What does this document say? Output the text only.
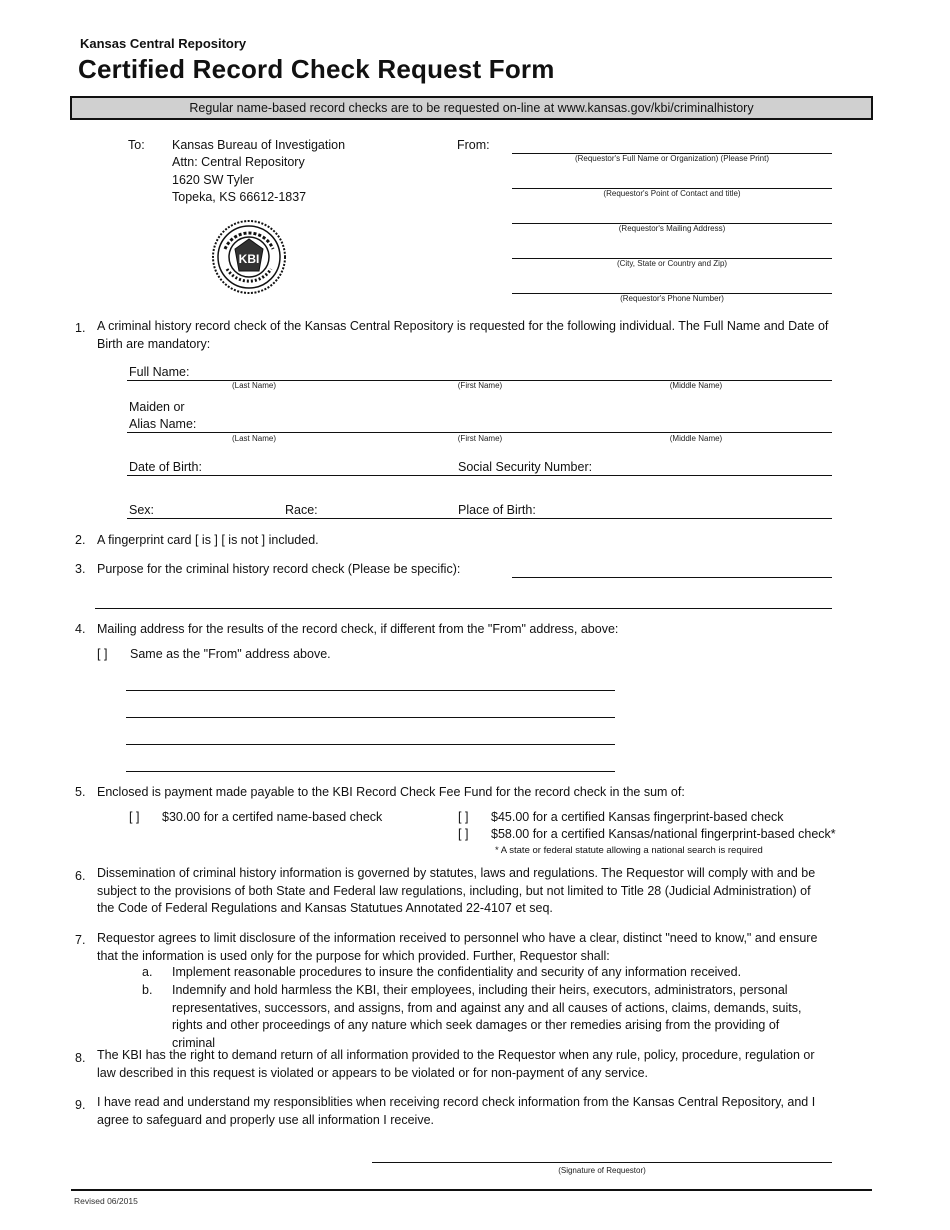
Kansas Central Repository
Certified Record Check Request Form
Regular name-based record checks are to be requested on-line at www.kansas.gov/kbi/criminalhistory
To: Kansas Bureau of Investigation
Attn: Central Repository
1620 SW Tyler
Topeka, KS 66612-1837
KBI
From:
(Requestor's Full Name or Organization) (Please Print)
(Requestor's Point of Contact and title)
(Requestor's Mailing Address)
(City, State or Country and Zip)
(Requestor's Phone Number)
1. A criminal history record check of the Kansas Central Repository is requested for the following individual. The Full Name and Date of Birth are mandatory:
Full Name:
(Last Name)	(First Name)	(Middle Name)
Maiden or
Alias Name:
(Last Name)	(First Name)	(Middle Name)
Date of Birth:	Social Security Number:
Sex:	Race:	Place of Birth:
2. A fingerprint card [ is ] [ is not ] included.
3. Purpose for the criminal history record check (Please be specific):
4. Mailing address for the results of the record check, if different from the "From" address, above:
[ ] Same as the "From" address above.
5. Enclosed is payment made payable to the KBI Record Check Fee Fund for the record check in the sum of:
[ ] $30.00 for a certifed name-based check	[ ] $45.00 for a certified Kansas fingerprint-based check
[ ] $58.00 for a certified Kansas/national fingerprint-based check*
* A state or federal statute allowing a national search is required
6. Dissemination of criminal history information is governed by statutes, laws and regulations. The Requestor will comply with and be subject to the provisions of both State and Federal law regulations, including, but not limited to Title 28 (Judicial Administration) of the Code of Federal Regulations and Kansas Statutues Annotated 22-4107 et seq.
7. Requestor agrees to limit disclosure of the information received to personnel who have a clear, distinct "need to know," and ensure that the information is used only for the purpose for which provided. Further, Requestor shall:
a. Implement reasonable procedures to insure the confidentiality and security of any information received.
b. Indemnify and hold harmless the KBI, their employees, including their heirs, executors, administrators, personal representatives, successors, and assigns, from and against any and all causes of actions, claims, demands, suits, rights and other proceedings of any nature which seek damages or ther remedies arising from the providing of criminal
8. The KBI has the right to demand return of all information provided to the Requestor when any rule, policy, procedure, regulation or law described in this request is violated or appears to be violated or for non-payment of any service.
9. I have read and understand my responsiblities when receiving record check information from the Kansas Central Repository, and I agree to safeguard and properly use all information I receive.
(Signature of Requestor)
Revised 06/2015
